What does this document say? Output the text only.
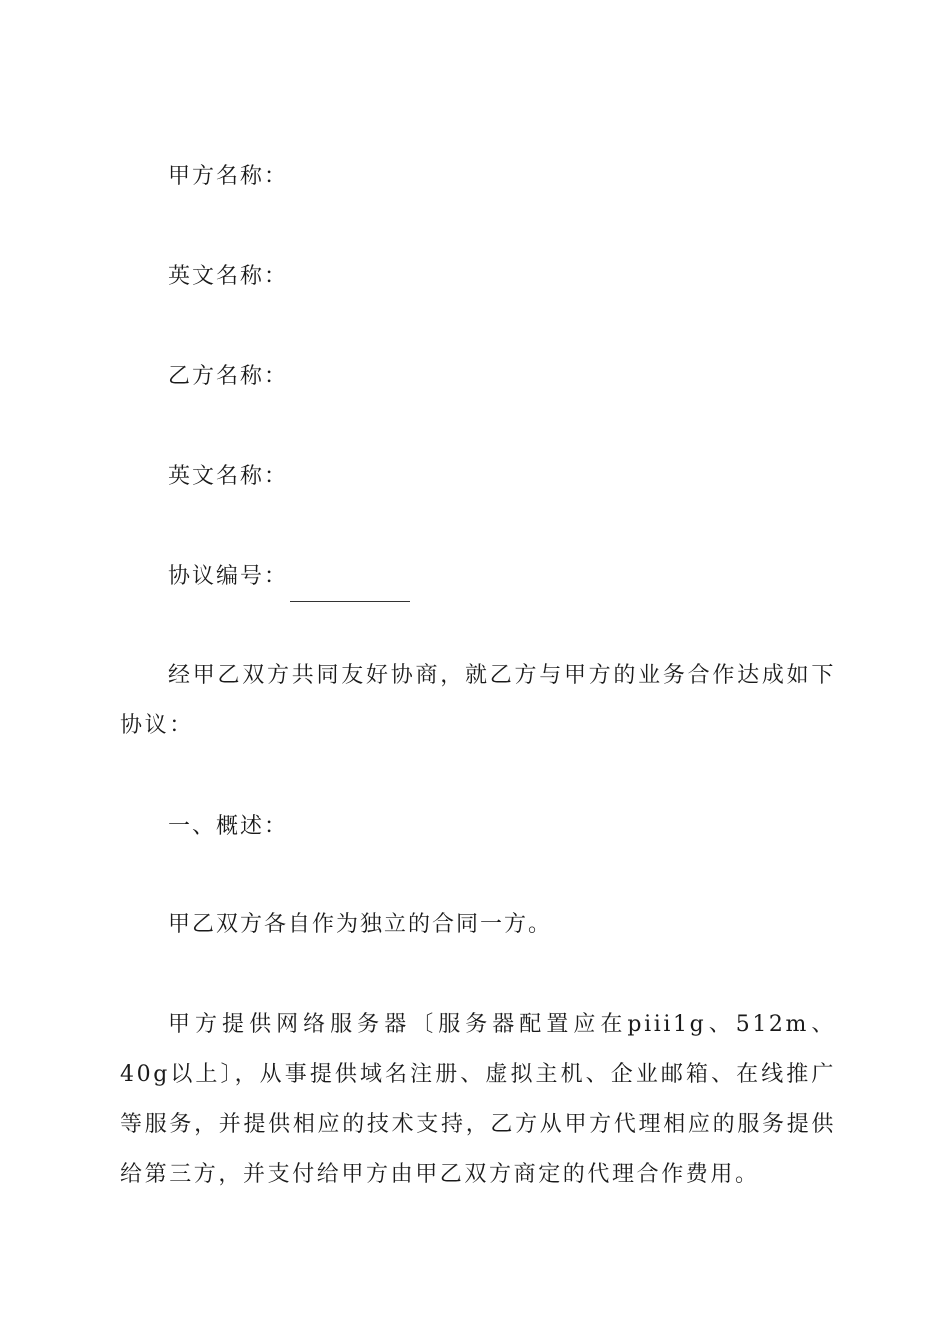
甲方名称：
英文名称：
乙方名称：
英文名称：
协议编号：
经甲乙双方共同友好协商，就乙方与甲方的业务合作达成如下协议：
一、概述：
甲乙双方各自作为独立的合同一方。
甲方提供网络服务器〔服务器配置应在piii1g、512m、40g以上〕，从事提供域名注册、虚拟主机、企业邮箱、在线推广等服务，并提供相应的技术支持，乙方从甲方代理相应的服务提供给第三方，并支付给甲方由甲乙双方商定的代理合作费用。
